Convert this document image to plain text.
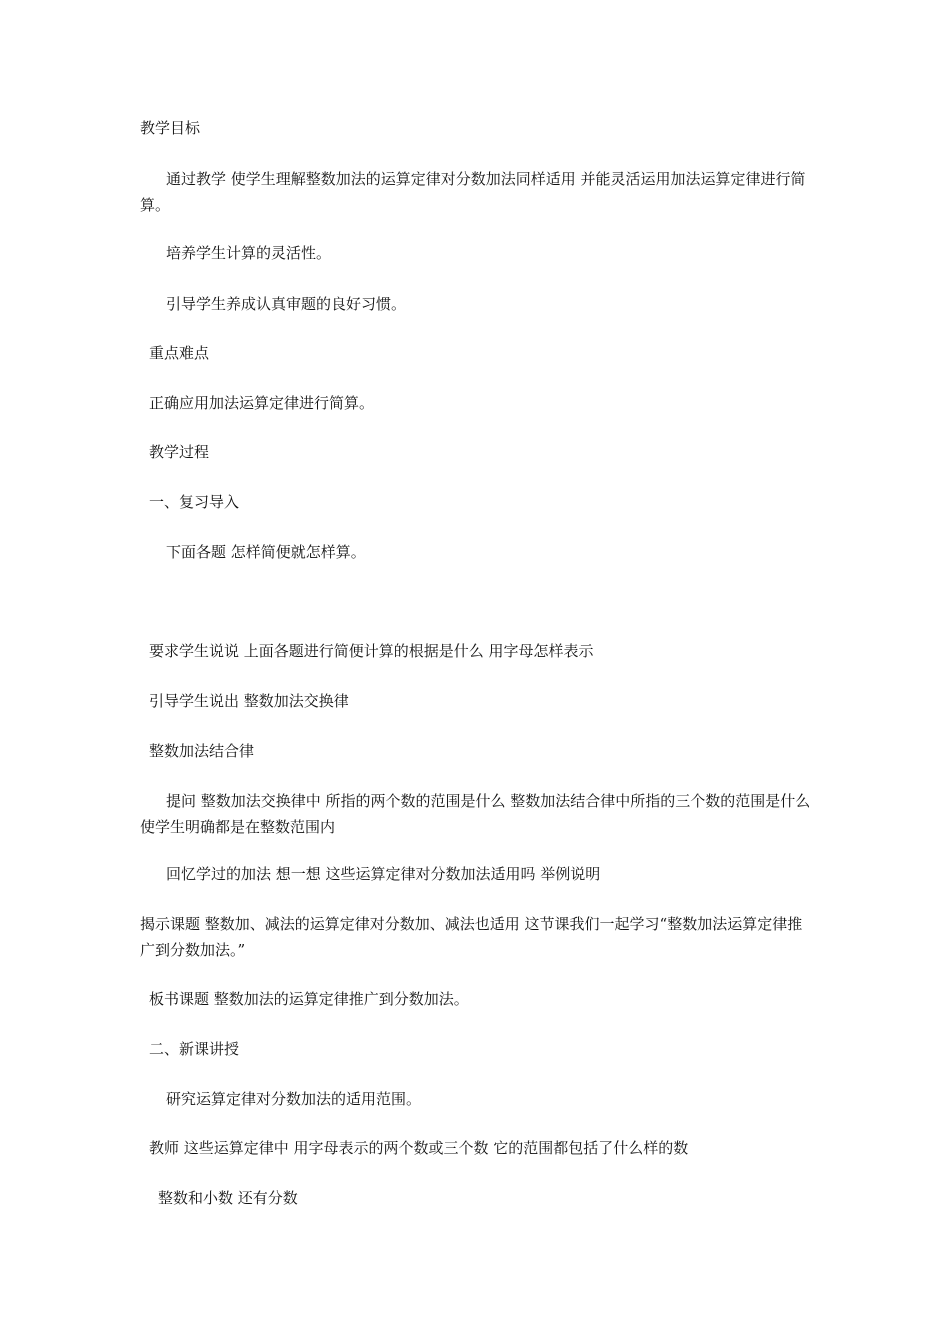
教学目标
通过教学 使学生理解整数加法的运算定律对分数加法同样适用 并能灵活运用加法运算定律进行简算。
培养学生计算的灵活性。
引导学生养成认真审题的良好习惯。
重点难点
正确应用加法运算定律进行简算。
教学过程
一、复习导入
下面各题 怎样简便就怎样算。
要求学生说说 上面各题进行简便计算的根据是什么 用字母怎样表示
引导学生说出 整数加法交换律
整数加法结合律
提问 整数加法交换律中 所指的两个数的范围是什么 整数加法结合律中所指的三个数的范围是什么 使学生明确都是在整数范围内
回忆学过的加法 想一想 这些运算定律对分数加法适用吗 举例说明
揭示课题 整数加、减法的运算定律对分数加、减法也适用 这节课我们一起学习“整数加法运算定律推广到分数加法。”
板书课题 整数加法的运算定律推广到分数加法。
二、新课讲授
研究运算定律对分数加法的适用范围。
教师 这些运算定律中 用字母表示的两个数或三个数 它的范围都包括了什么样的数
整数和小数 还有分数
